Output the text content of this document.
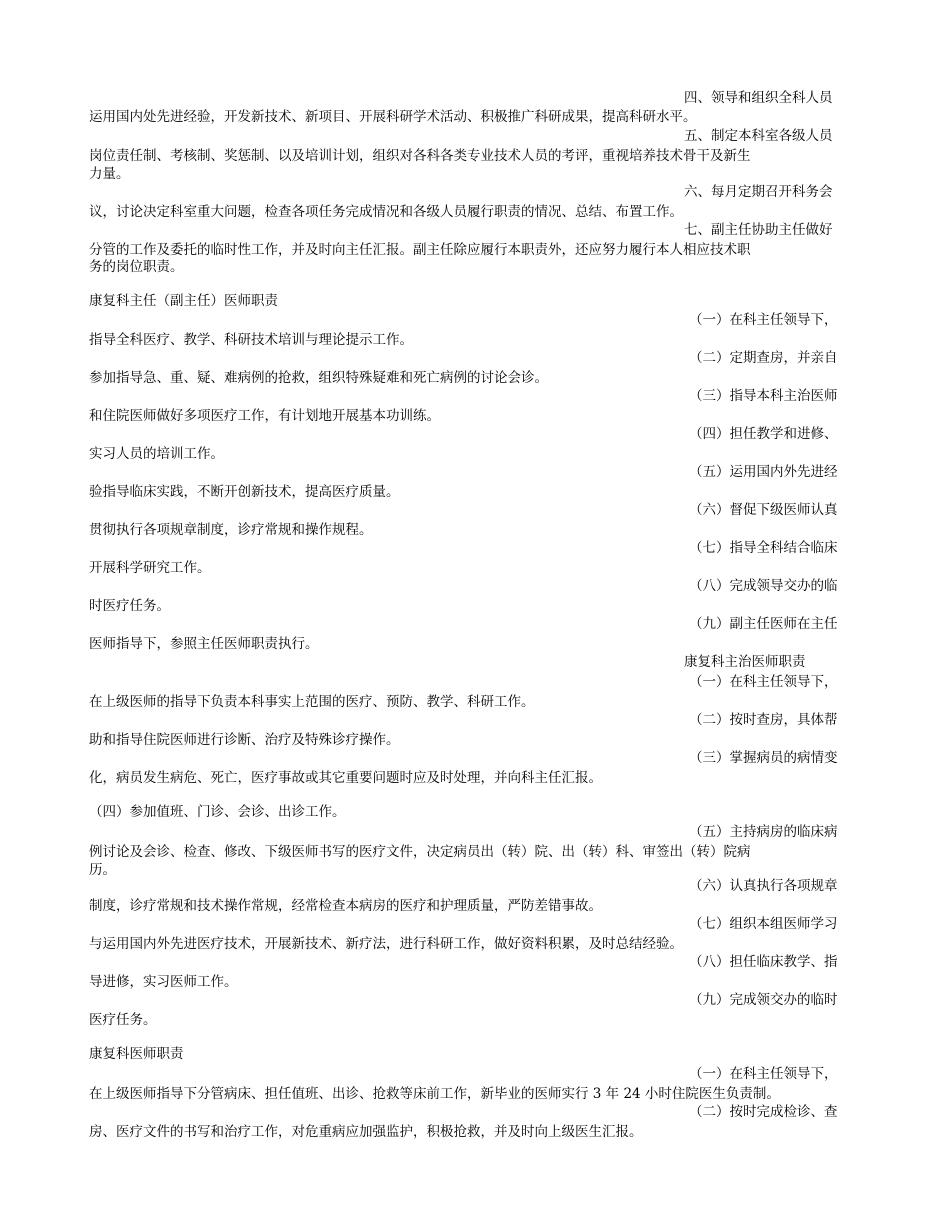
四、领导和组织全科人员

运用国内处先进经验，开发新技术、新项目、开展科研学术活动、积极推广科研成果，提高科研水平。

五、制定本科室各级人员

岗位责任制、考核制、奖惩制、以及培训计划，组织对各科各类专业技术人员的考评，重视培养技术骨干及新生

力量。

六、每月定期召开科务会

议，讨论决定科室重大问题，检查各项任务完成情况和各级人员履行职责的情况、总结、布置工作。

七、副主任协助主任做好

分管的工作及委托的临时性工作，并及时向主任汇报。副主任除应履行本职责外，还应努力履行本人相应技术职

务的岗位职责。

康复科主任（副主任）医师职责

（一）在科主任领导下，

指导全科医疗、教学、科研技术培训与理论提示工作。

（二）定期查房，并亲自

参加指导急、重、疑、难病例的抢救，组织特殊疑难和死亡病例的讨论会诊。

（三）指导本科主治医师

和住院医师做好多项医疗工作，有计划地开展基本功训练。

（四）担任教学和进修、

实习人员的培训工作。

（五）运用国内外先进经

验指导临床实践，不断开创新技术，提高医疗质量。

（六）督促下级医师认真

贯彻执行各项规章制度，诊疗常规和操作规程。

（七）指导全科结合临床

开展科学研究工作。

（八）完成领导交办的临

时医疗任务。

（九）副主任医师在主任

医师指导下，参照主任医师职责执行。

康复科主治医师职责

（一）在科主任领导下，

在上级医师的指导下负责本科事实上范围的医疗、预防、教学、科研工作。

（二）按时查房，具体帮

助和指导住院医师进行诊断、治疗及特殊诊疗操作。

（三）掌握病员的病情变

化，病员发生病危、死亡，医疗事故或其它重要问题时应及时处理，并向科主任汇报。

（四）参加值班、门诊、会诊、出诊工作。

（五）主持病房的临床病

例讨论及会诊、检查、修改、下级医师书写的医疗文件，决定病员出（转）院、出（转）科、审签出（转）院病

历。

（六）认真执行各项规章

制度，诊疗常规和技术操作常规，经常检查本病房的医疗和护理质量，严防差错事故。

（七）组织本组医师学习

与运用国内外先进医疗技术，开展新技术、新疗法，进行科研工作，做好资料积累，及时总结经验。

（八）担任临床教学、指

导进修，实习医师工作。

（九）完成领交办的临时

医疗任务。

康复科医师职责

（一）在科主任领导下，

在上级医师指导下分管病床、担任值班、出诊、抢救等床前工作，新毕业的医师实行 3 年 24 小时住院医生负责制。

（二）按时完成检诊、查

房、医疗文件的书写和治疗工作，对危重病应加强监护，积极抢救，并及时向上级医生汇报。
